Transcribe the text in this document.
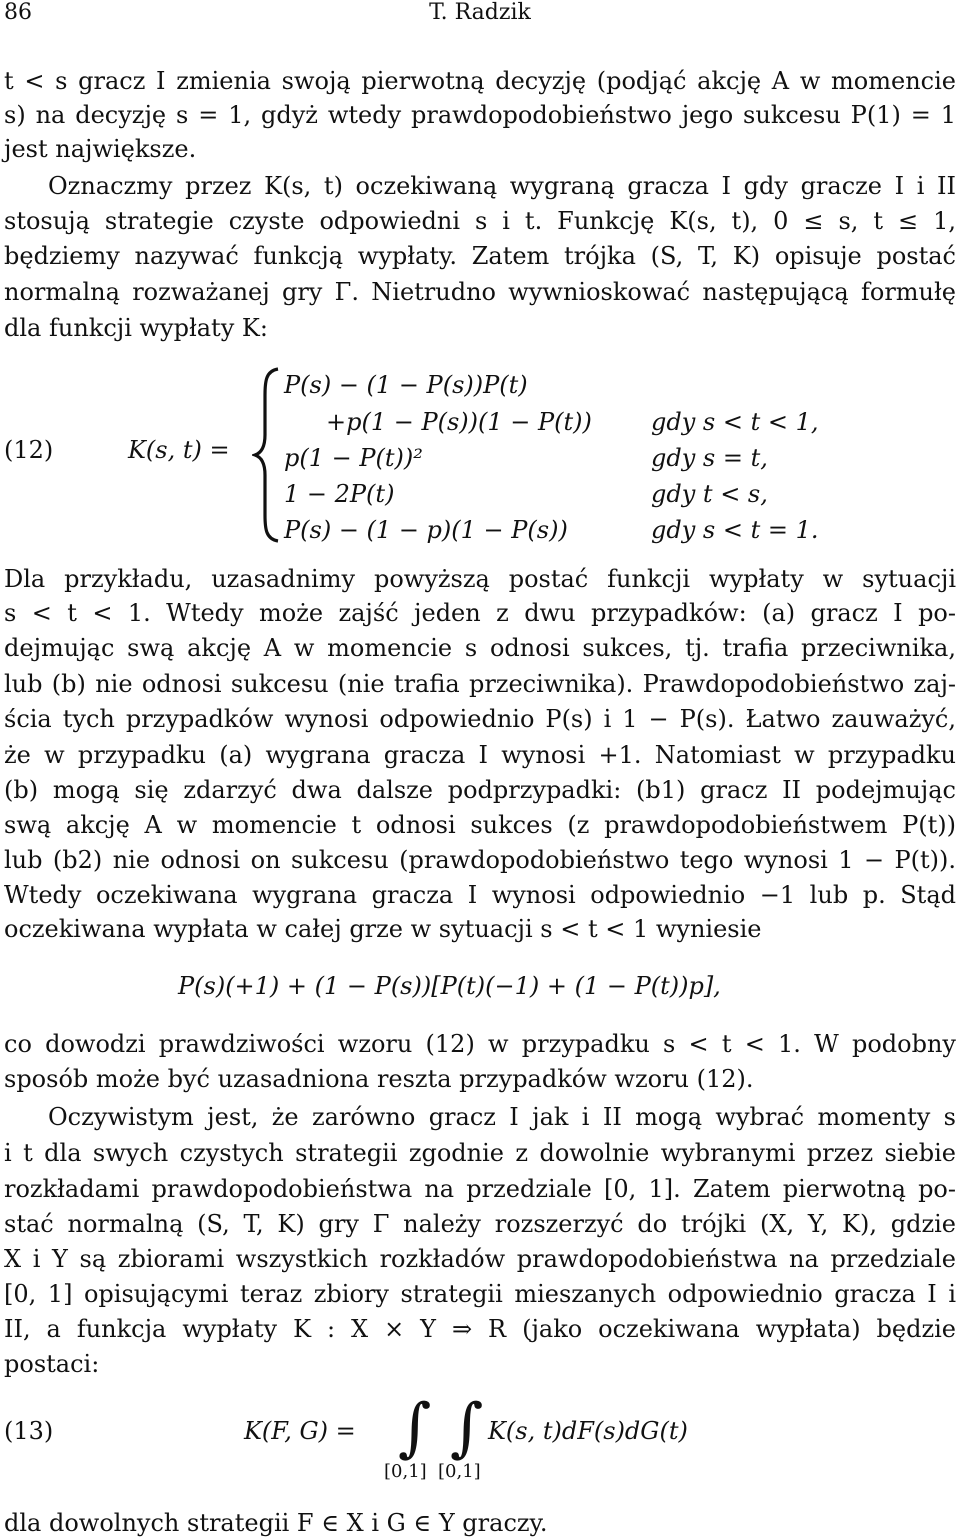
86	T. Radzik
t < s gracz I zmienia swoją pierwotną decyzję (podjąć akcję A w momencie
s) na decyzję s = 1, gdyż wtedy prawdopodobieństwo jego sukcesu P(1) = 1
jest największe.
Oznaczmy przez K(s, t) oczekiwaną wygraną gracza I gdy gracze I i II
stosują strategie czyste odpowiedni s i t. Funkcję K(s, t), 0 ≤ s, t ≤ 1,
będziemy nazywać funkcją wypłaty. Zatem trójka (S, T, K) opisuje postać
normalną rozważanej gry Γ. Nietrudno wywnioskować następującą formułę
dla funkcji wypłaty K:
(12)	K(s, t) =
P(s) − (1 − P(s))P(t)
+p(1 − P(s))(1 − P(t)) gdy s < t < 1,
p(1 − P(t))²	gdy s = t,
1 − 2P(t)	gdy t < s,
P(s) − (1 − p)(1 − P(s))	gdy s < t = 1.
Dla przykładu, uzasadnimy powyższą postać funkcji wypłaty w sytuacji
s < t < 1. Wtedy może zajść jeden z dwu przypadków: (a) gracz I po-
dejmując swą akcję A w momencie s odnosi sukces, tj. trafia przeciwnika,
lub (b) nie odnosi sukcesu (nie trafia przeciwnika). Prawdopodobieństwo zaj-
ścia tych przypadków wynosi odpowiednio P(s) i 1 − P(s). Łatwo zauważyć,
że w przypadku (a) wygrana gracza I wynosi +1. Natomiast w przypadku
(b) mogą się zdarzyć dwa dalsze podprzypadki: (b1) gracz II podejmując
swą akcję A w momencie t odnosi sukces (z prawdopodobieństwem P(t))
lub (b2) nie odnosi on sukcesu (prawdopodobieństwo tego wynosi 1 − P(t)).
Wtedy oczekiwana wygrana gracza I wynosi odpowiednio −1 lub p. Stąd
oczekiwana wypłata w całej grze w sytuacji s < t < 1 wyniesie
P(s)(+1) + (1 − P(s))[P(t)(−1) + (1 − P(t))p],
co dowodzi prawdziwości wzoru (12) w przypadku s < t < 1. W podobny
sposób może być uzasadniona reszta przypadków wzoru (12).
Oczywistym jest, że zarówno gracz I jak i II mogą wybrać momenty s
i t dla swych czystych strategii zgodnie z dowolnie wybranymi przez siebie
rozkładami prawdopodobieństwa na przedziale [0, 1]. Zatem pierwotną po-
stać normalną (S, T, K) gry Γ należy rozszerzyć do trójki (X, Y, K), gdzie
X i Y są zbiorami wszystkich rozkładów prawdopodobieństwa na przedziale
[0, 1] opisującymi teraz zbiory strategii mieszanych odpowiednio gracza I i
II, a funkcja wypłaty K : X × Y ⇒ R (jako oczekiwana wypłata) będzie
postaci:
(13)	K(F, G) = ∫ ∫ K(s, t)dF(s)dG(t)
[0,1] [0,1]
dla dowolnych strategii F ∈ X i G ∈ Y graczy.
